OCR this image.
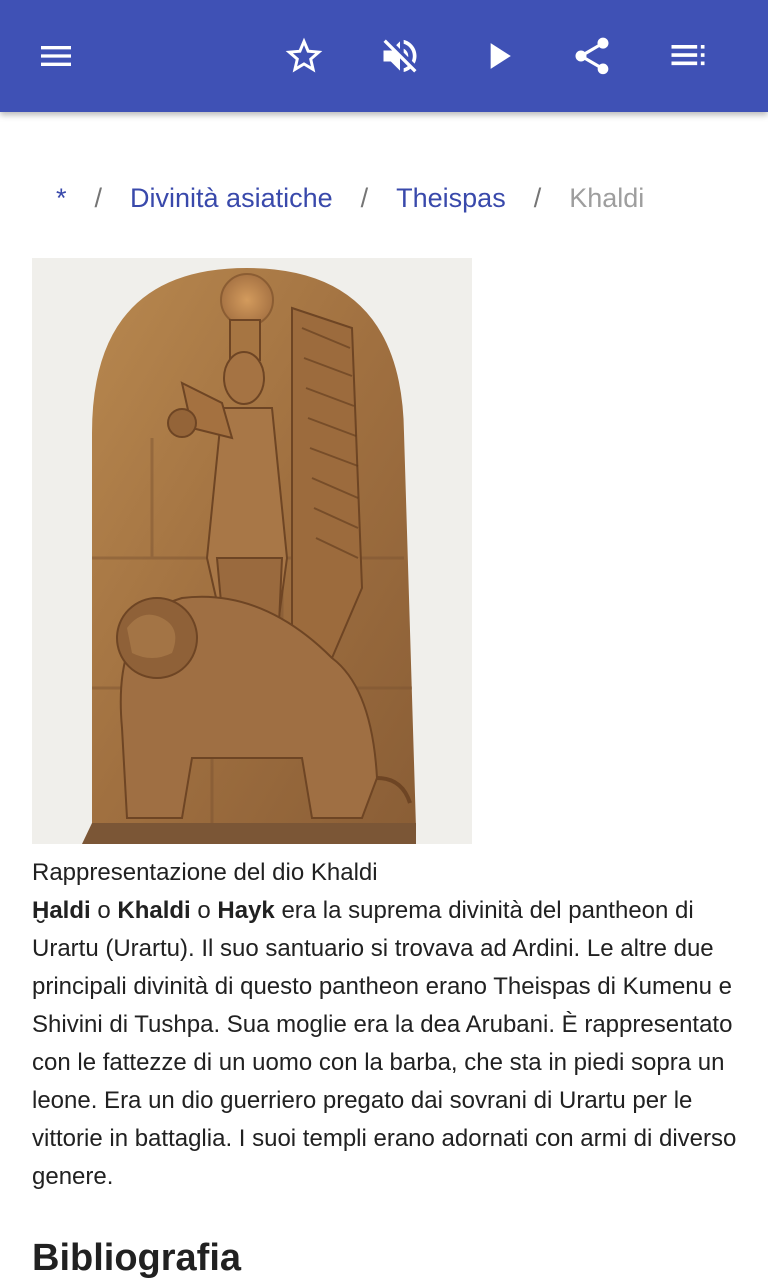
* / Divinità asiatiche / Theispas / Khaldi
Rappresentazione del dio Khaldi

Ḫaldi o Khaldi o Hayk era la suprema divinità del pantheon di Urartu (Urartu). Il suo santuario si trovava ad Ardini. Le altre due principali divinità di questo pantheon erano Theispas di Kumenu e Shivini di Tushpa. Sua moglie era la dea Arubani. È rappresentato con le fattezze di un uomo con la barba, che sta in piedi sopra un leone. Era un dio guerriero pregato dai sovrani di Urartu per le vittorie in battaglia. I suoi templi erano adornati con armi di diverso genere.

Bibliografia
